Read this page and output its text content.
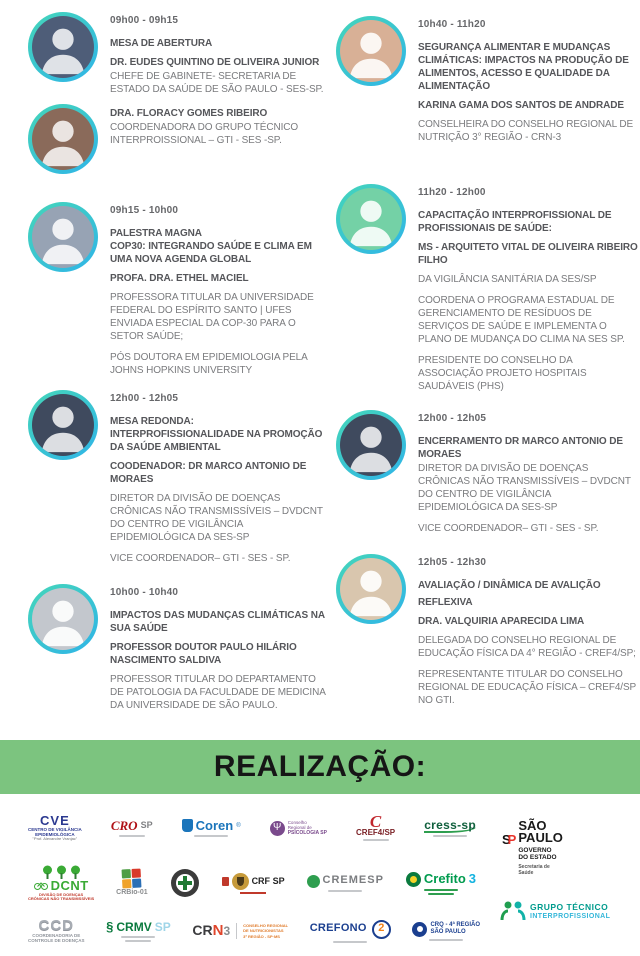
09h00 - 09h15
MESA DE ABERTURA
DR. EUDES QUINTINO DE OLIVEIRA JUNIOR

CHEFE DE GABINETE- SECRETARIA DE ESTADO DA SAÚDE DE SÃO PAULO - SES-SP.

DRA. FLORACY GOMES RIBEIRO

COORDENADORA DO GRUPO TÉCNICO INTERPROISSIONAL – GTI - SES -SP.

09h15 - 10h00
PALESTRA MAGNA
COP30: INTEGRANDO SAÚDE E CLIMA EM UMA NOVA AGENDA GLOBAL
PROFA. DRA. ETHEL MACIEL

PROFESSORA TITULAR DA UNIVERSIDADE FEDERAL DO ESPÍRITO SANTO | UFES ENVIADA ESPECIAL DA COP-30 PARA O SETOR SAÚDE;

PÓS DOUTORA EM EPIDEMIOLOGIA PELA JOHNS HOPKINS UNIVERSITY

12h00 - 12h05
MESA REDONDA: INTERPROFISSIONALIDADE NA PROMOÇÃO DA SAÚDE AMBIENTAL
COODENADOR: DR MARCO ANTONIO DE MORAES

DIRETOR DA DIVISÃO DE DOENÇAS CRÔNICAS NÃO TRANSMISSÍVEIS – DVDCNT DO CENTRO DE VIGILÂNCIA EPIDEMIOLÓGICA DA SES-SP

VICE COORDENADOR– GTI - SES - SP.

10h00 - 10h40
IMPACTOS DAS MUDANÇAS CLIMÁTICAS NA SUA SAÚDE
PROFESSOR DOUTOR PAULO HILÁRIO NASCIMENTO SALDIVA

PROFESSOR TITULAR DO DEPARTAMENTO DE PATOLOGIA DA FACULDADE DE MEDICINA DA UNIVERSIDADE DE SÃO PAULO.

10h40 - 11h20
SEGURANÇA ALIMENTAR E MUDANÇAS CLIMÁTICAS: IMPACTOS NA PRODUÇÃO DE ALIMENTOS, ACESSO E QUALIDADE DA ALIMENTAÇÃO
KARINA GAMA DOS SANTOS DE ANDRADE

CONSELHEIRA DO CONSELHO REGIONAL DE NUTRIÇÃO 3° REGIÃO - CRN-3

11h20 - 12h00
CAPACITAÇÃO INTERPROFISSIONAL DE PROFISSIONAIS DE SAÚDE:
MS - ARQUITETO VITAL DE OLIVEIRA RIBEIRO FILHO

DA VIGILÂNCIA SANITÁRIA DA SES/SP

COORDENA O PROGRAMA ESTADUAL DE GERENCIAMENTO DE RESÍDUOS DE SERVIÇOS DE SAÚDE E IMPLEMENTA O PLANO DE MUDANÇA DO CLIMA NA SES SP.

PRESIDENTE DO CONSELHO DA ASSOCIAÇÃO PROJETO HOSPITAIS SAUDÁVEIS (PHS)

12h00 - 12h05
ENCERRAMENTO DR MARCO ANTONIO DE MORAES

DIRETOR DA DIVISÃO DE DOENÇAS CRÔNICAS NÃO TRANSMISSÍVEIS – DVDCNT DO CENTRO DE VIGILÂNCIA EPIDEMIOLÓGICA DA SES-SP

VICE COORDENADOR– GTI - SES - SP.

12h05 - 12h30
AVALIAÇÃO / DINÂMICA DE AVALIÇÃO
REFLEXIVA
DRA. VALQUIRIA APARECIDA LIMA

DELEGADA DO CONSELHO REGIONAL DE EDUCAÇÃO FÍSICA DA 4° REGIÃO - CREF4/SP;

REPRESENTANTE TITULAR DO CONSELHO REGIONAL DE EDUCAÇÃO FÍSICA – CREF4/SP NO GTI.

REALIZAÇÃO:
CVE
CENTRO DE VIGILÂNCIA
EPIDEMIOLÓGICA
"Prof. Alexandre Vranjac"
CRO SP	Coren ®	Ψ	Conselho
Regional de
PSICOLOGIA SP
C
CREF4/SP
cress-sp
SP
SÃO
PAULO
GOVERNO
DO ESTADO
Secretaria de
Saúde
DCNT
DIVISÃO DE DOENÇAS
CRÔNICAS NÃO TRANSMISSÍVEIS
CRBio-01
CRF SP	CREMESP	Crefito 3
CCD
COORDENADORIA DE
CONTROLE DE DOENÇAS
§ CRMV SP CRN3	CONSELHO REGIONAL
DE NUTRICIONISTAS
3ª REGIÃO - SP·MS
CREFONO	2	CRQ - 4ª REGIÃO
SÃO PAULO
GRUPO TÉCNICO
INTERPROFISSIONAL
